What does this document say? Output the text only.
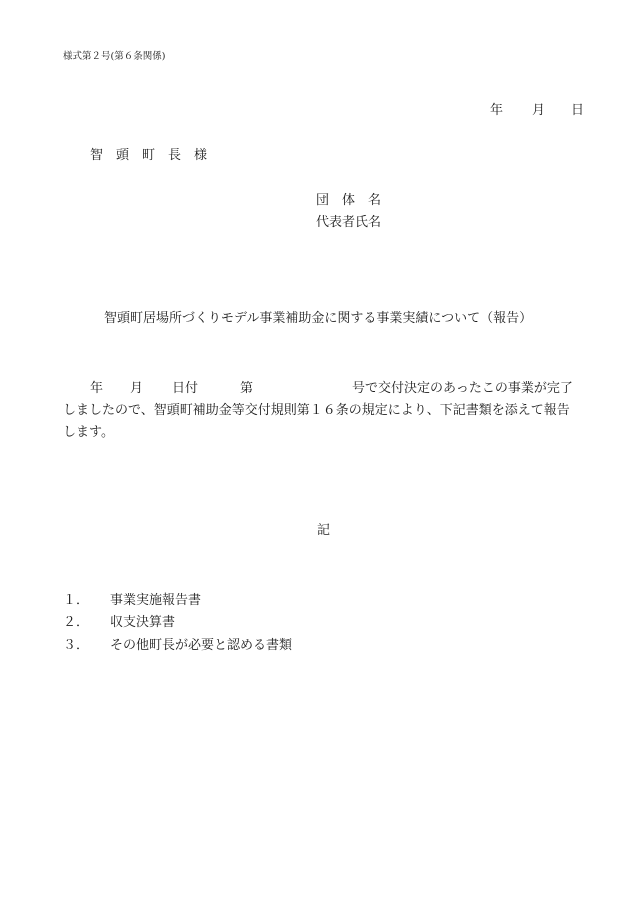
様式第２号(第６条関係)
年 月 日
智　頭　町　長　様
団　体　名
代表者氏名
智頭町居場所づくりモデル事業補助金に関する事業実績について（報告）
年 月 日付	第	号で交付決定のあったこの事業が完了
しましたので、智頭町補助金等交付規則第１６条の規定により、下記書類を添えて報告
します。
記
１． 事業実施報告書
２． 収支決算書
３． その他町長が必要と認める書類
